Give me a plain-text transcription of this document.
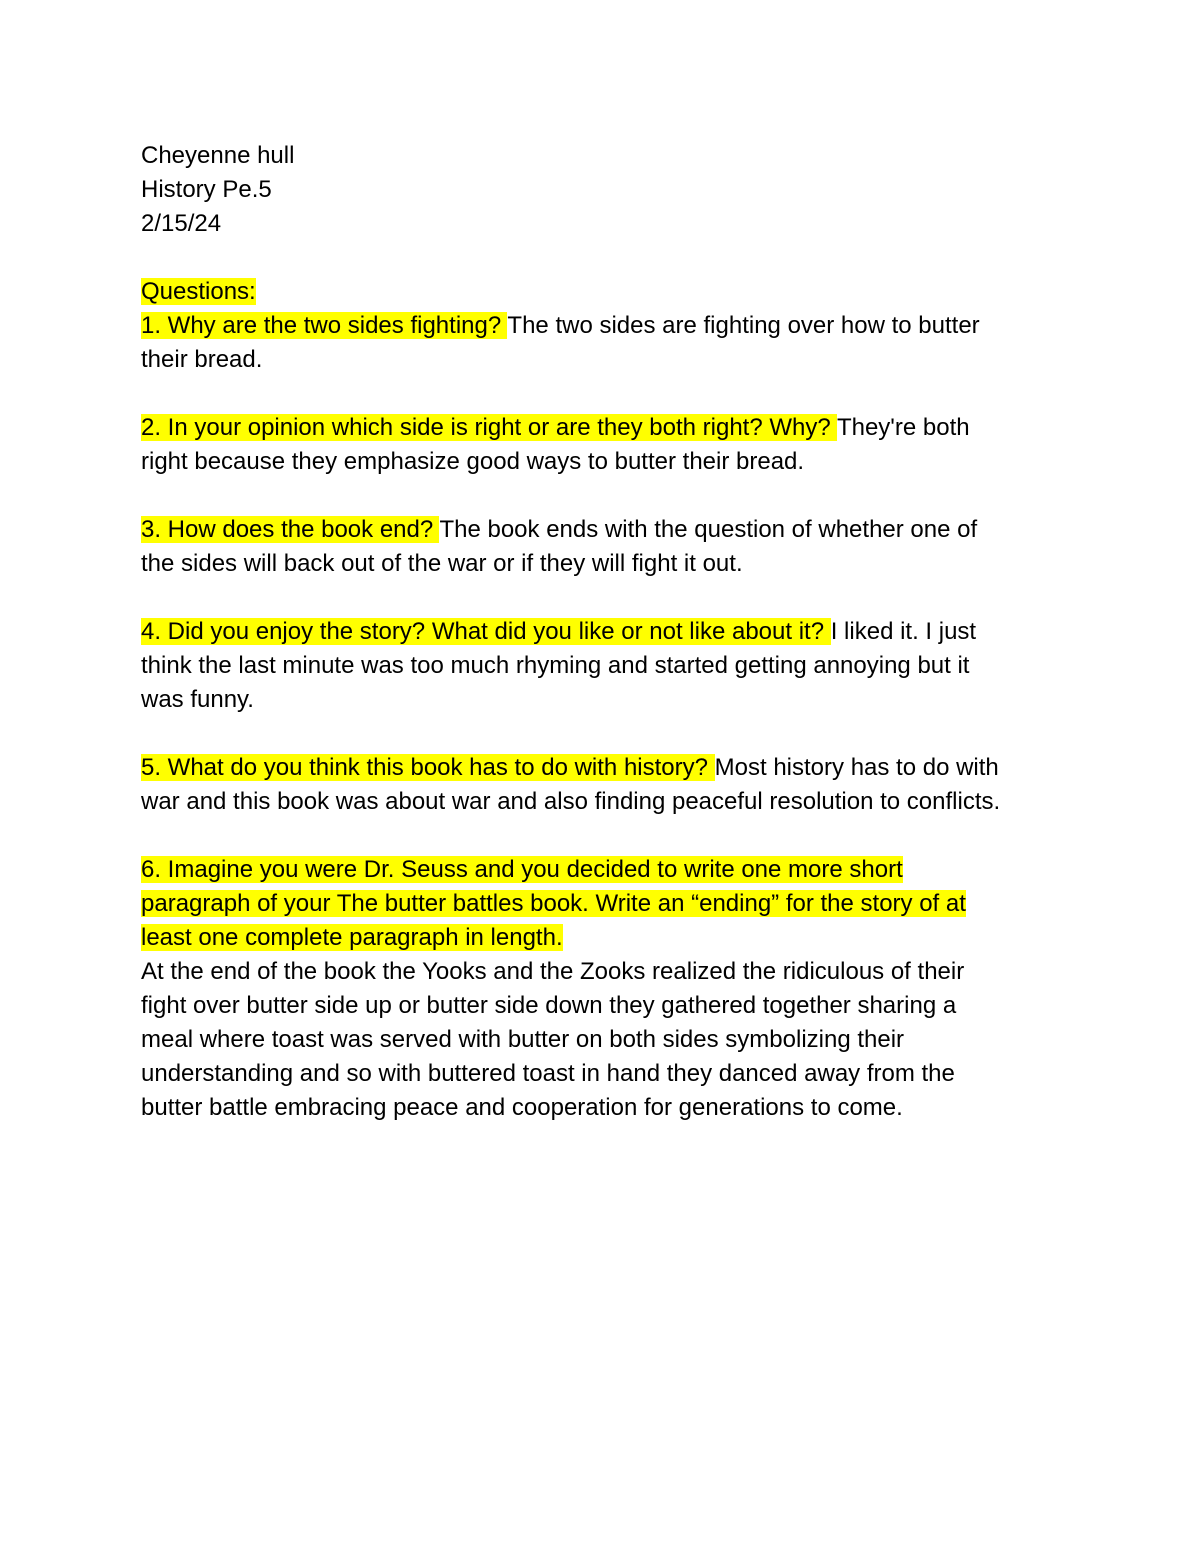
Cheyenne hull
History Pe.5
2/15/24
Questions:
1. Why are the two sides fighting? The two sides are fighting over how to butter
their bread.
2. In your opinion which side is right or are they both right? Why? They're both
right because they emphasize good ways to butter their bread.
3. How does the book end? The book ends with the question of whether one of
the sides will back out of the war or if they will fight it out.
4. Did you enjoy the story? What did you like or not like about it? I liked it. I just
think the last minute was too much rhyming and started getting annoying but it
was funny.
5. What do you think this book has to do with history? Most history has to do with
war and this book was about war and also finding peaceful resolution to conflicts.
6. Imagine you were Dr. Seuss and you decided to write one more short
paragraph of your The butter battles book. Write an “ending” for the story of at
least one complete paragraph in length.
At the end of the book the Yooks and the Zooks realized the ridiculous of their
fight over butter side up or butter side down they gathered together sharing a
meal where toast was served with butter on both sides symbolizing their
understanding and so with buttered toast in hand they danced away from the
butter battle embracing peace and cooperation for generations to come.
